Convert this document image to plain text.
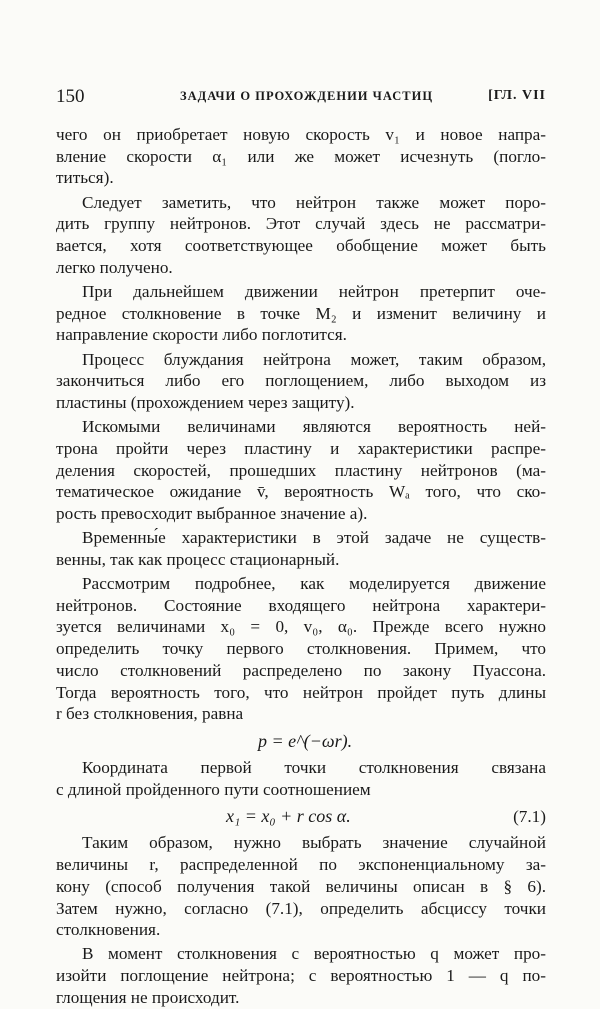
150	ЗАДАЧИ О ПРОХОЖДЕНИИ ЧАСТИЦ	[ГЛ. VII
чего он приобретает новую скорость v₁ и новое напра-
вление скорости α₁ или же может исчезнуть (погло-
титься).
Следует заметить, что нейтрон также может поро-
дить группу нейтронов. Этот случай здесь не рассматри-
вается, хотя соответствующее обобщение может быть
легко получено.
При дальнейшем движении нейтрон претерпит оче-
редное столкновение в точке M₂ и изменит величину и
направление скорости либо поглотится.
Процесс блуждания нейтрона может, таким образом,
закончиться либо его поглощением, либо выходом из
пластины (прохождением через защиту).
Искомыми величинами являются вероятность ней-
трона пройти через пластину и характеристики распре-
деления скоростей, прошедших пластину нейтронов (ма-
тематическое ожидание v̄, вероятность Wₐ того, что ско-
рость превосходит выбранное значение a).
Временны́е характеристики в этой задаче не существ-
венны, так как процесс стационарный.
Рассмотрим подробнее, как моделируется движение
нейтронов. Состояние входящего нейтрона характери-
зуется величинами x₀ = 0, v₀, α₀. Прежде всего нужно
определить точку первого столкновения. Примем, что
число столкновений распределено по закону Пуассона.
Тогда вероятность того, что нейтрон пройдет путь длины
r без столкновения, равна
p = e^(−ωr).
Координата первой точки столкновения связана
с длиной пройденного пути соотношением
x₁ = x₀ + r cos α.	(7.1)
Таким образом, нужно выбрать значение случайной
величины r, распределенной по экспоненциальному за-
кону (способ получения такой величины описан в § 6).
Затем нужно, согласно (7.1), определить абсциссу точки
столкновения.
В момент столкновения с вероятностью q может про-
изойти поглощение нейтрона; с вероятностью 1 — q по-
глощения не происходит.
